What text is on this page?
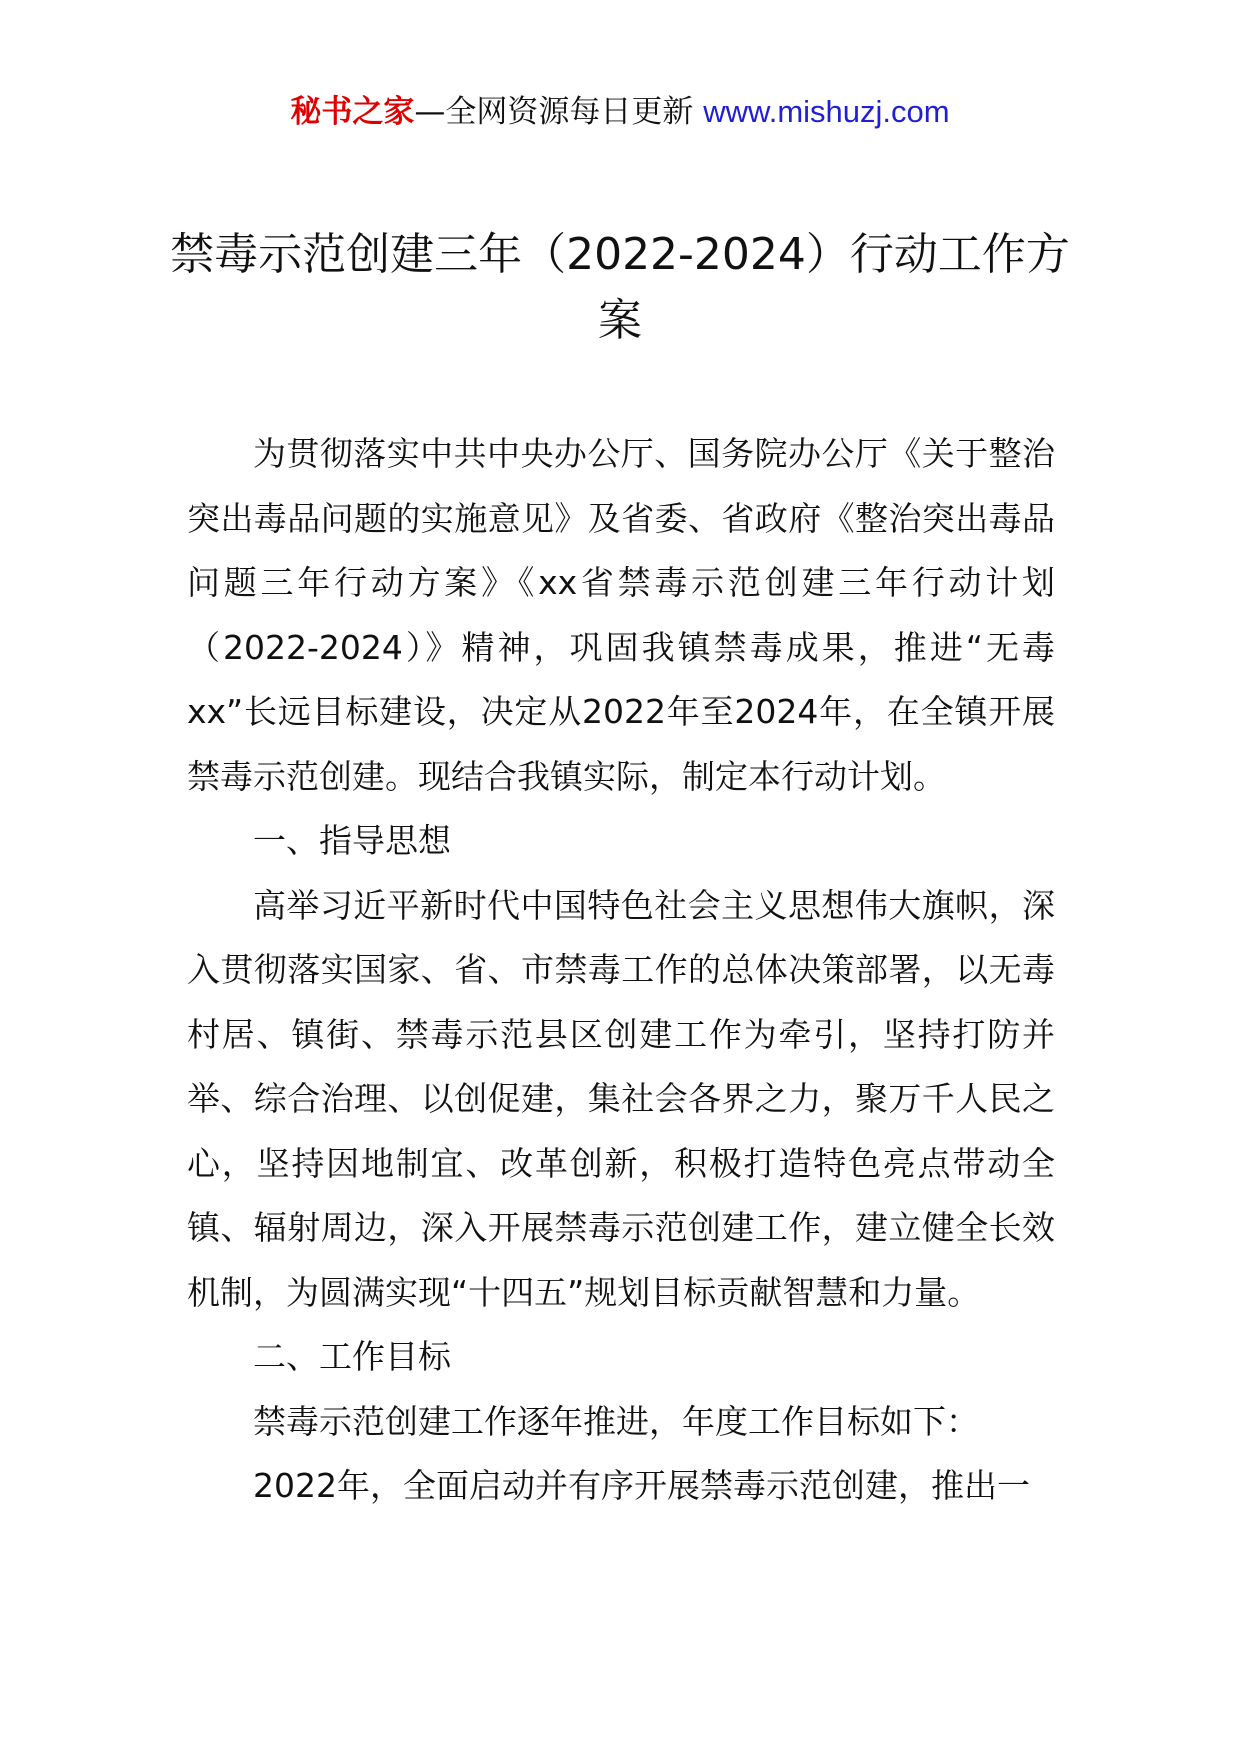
秘书之家—全网资源每日更新 www.mishuzj.com
禁毒示范创建三年（2022-2024）行动工作方案

为贯彻落实中共中央办公厅、国务院办公厅《关于整治突出毒品问题的实施意见》及省委、省政府《整治突出毒品问题三年行动方案》《xx省禁毒示范创建三年行动计划（2022-2024）》精神，巩固我镇禁毒成果，推进“无毒xx”长远目标建设，决定从2022年至2024年，在全镇开展禁毒示范创建。现结合我镇实际，制定本行动计划。

一、指导思想

高举习近平新时代中国特色社会主义思想伟大旗帜，深入贯彻落实国家、省、市禁毒工作的总体决策部署，以无毒村居、镇街、禁毒示范县区创建工作为牵引，坚持打防并举、综合治理、以创促建，集社会各界之力，聚万千人民之心，坚持因地制宜、改革创新，积极打造特色亮点带动全镇、辐射周边，深入开展禁毒示范创建工作，建立健全长效机制，为圆满实现“十四五”规划目标贡献智慧和力量。

二、工作目标

禁毒示范创建工作逐年推进，年度工作目标如下：

2022年，全面启动并有序开展禁毒示范创建，推出一
